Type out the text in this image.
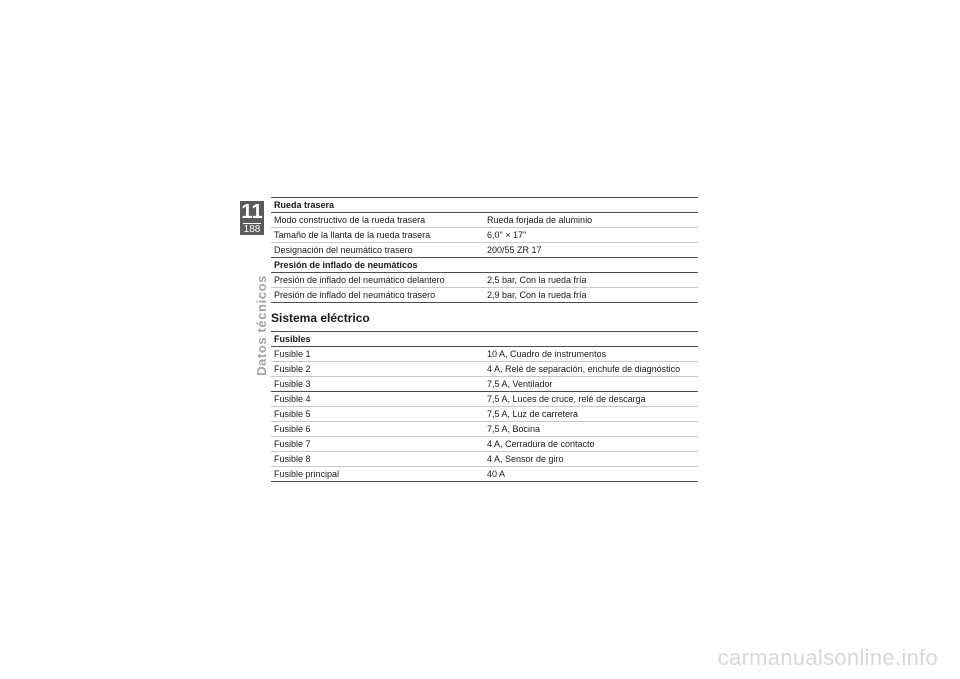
11
188
Datos técnicos
Rueda trasera	
Modo constructivo de la rueda trasera	Rueda forjada de aluminio
Tamaño de la llanta de la rueda trasera	6,0" × 17"
Designación del neumático trasero	200/55 ZR 17
Presión de inflado de neumáticos	
Presión de inflado del neumático delantero	2,5 bar, Con la rueda fría
Presión de inflado del neumático trasero	2,9 bar, Con la rueda fría
Sistema eléctrico
Fusibles	
Fusible 1	10 A, Cuadro de instrumentos
Fusible 2	4 A, Relé de separación, enchufe de diagnóstico
Fusible 3	7,5 A, Ventilador
Fusible 4	7,5 A, Luces de cruce, relé de descarga
Fusible 5	7,5 A, Luz de carretera
Fusible 6	7,5 A, Bocina
Fusible 7	4 A, Cerradura de contacto
Fusible 8	4 A, Sensor de giro
Fusible principal	40 A
carmanualsonline.info
